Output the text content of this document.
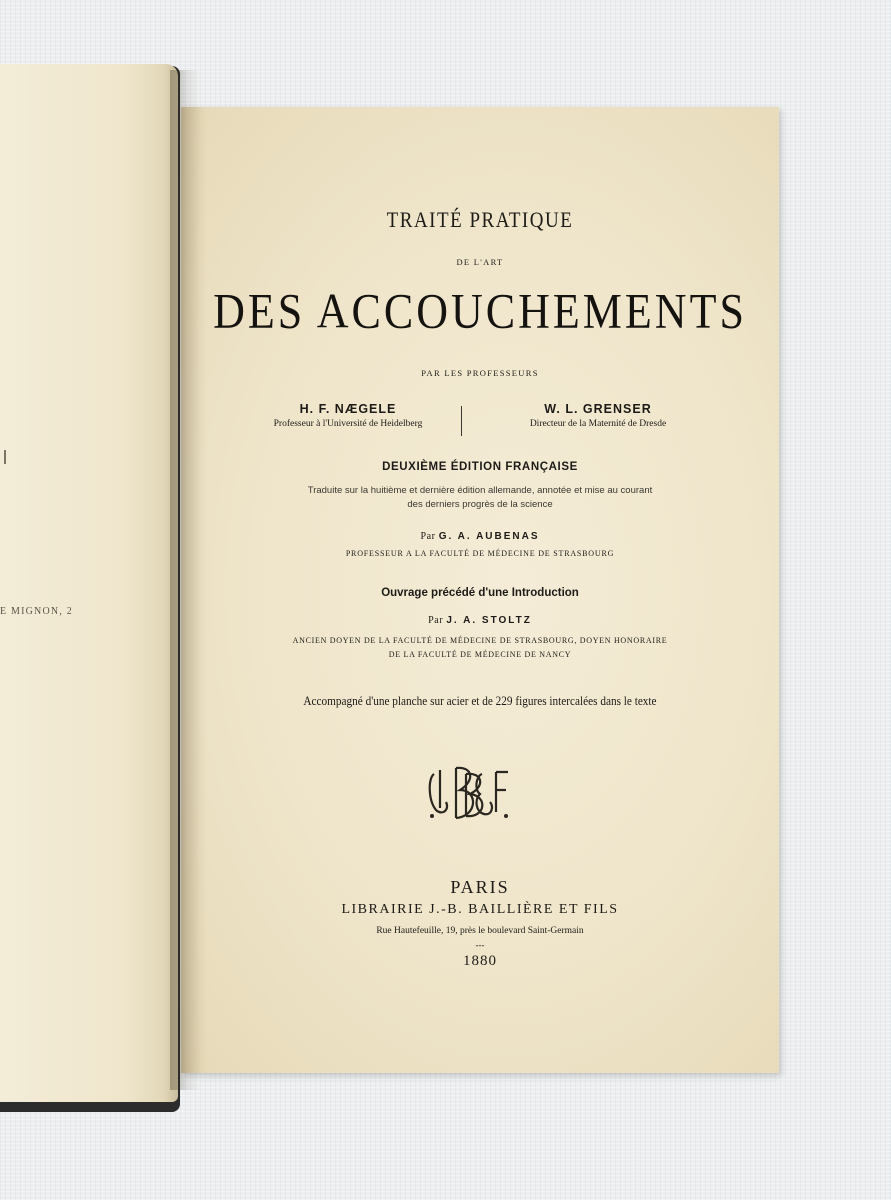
E MIGNON, 2
TRAITÉ PRATIQUE
DE L'ART
DES ACCOUCHEMENTS
PAR LES PROFESSEURS
H. F. NÆGELE
Professeur à l'Université de Heidelberg
W. L. GRENSER
Directeur de la Maternité de Dresde
DEUXIÈME ÉDITION FRANÇAISE
Traduite sur la huitième et dernière édition allemande, annotée et mise au courant
des derniers progrès de la science
Par G. A. AUBENAS
PROFESSEUR A LA FACULTÉ DE MÉDECINE DE STRASBOURG
Ouvrage précédé d'une Introduction
Par J. A. STOLTZ
ANCIEN DOYEN DE LA FACULTÉ DE MÉDECINE DE STRASBOURG, DOYEN HONORAIRE
DE LA FACULTÉ DE MÉDECINE DE NANCY
Accompagné d'une planche sur acier et de 229 figures intercalées dans le texte
PARIS
LIBRAIRIE J.-B. BAILLIÈRE ET FILS
Rue Hautefeuille, 19, près le boulevard Saint-Germain
---
1880
